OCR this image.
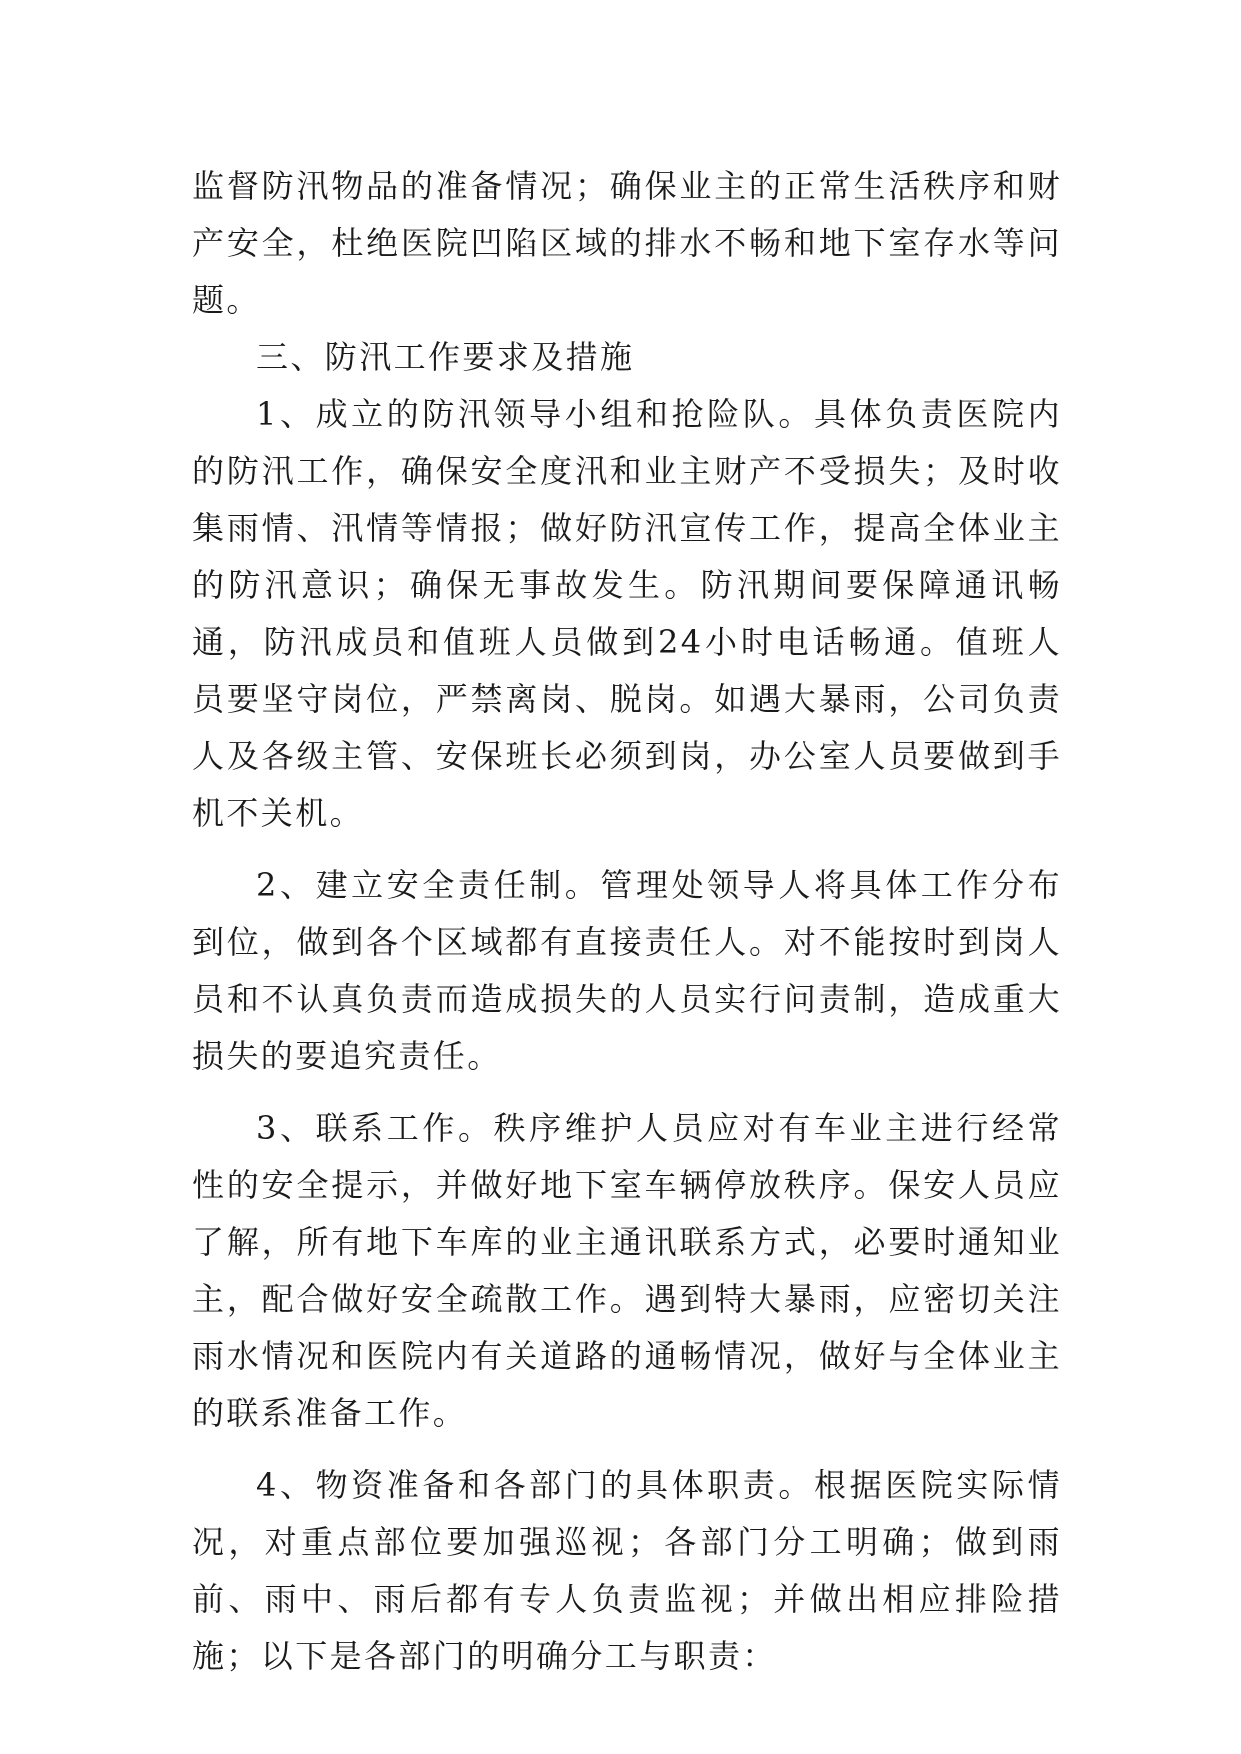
监督防汛物品的准备情况；确保业主的正常生活秩序和财产安全，杜绝医院凹陷区域的排水不畅和地下室存水等问题。

三、防汛工作要求及措施

1、成立的防汛领导小组和抢险队。具体负责医院内的防汛工作，确保安全度汛和业主财产不受损失；及时收集雨情、汛情等情报；做好防汛宣传工作，提高全体业主的防汛意识；确保无事故发生。防汛期间要保障通讯畅通，防汛成员和值班人员做到24小时电话畅通。值班人员要坚守岗位，严禁离岗、脱岗。如遇大暴雨，公司负责人及各级主管、安保班长必须到岗，办公室人员要做到手机不关机。

2、建立安全责任制。管理处领导人将具体工作分布到位，做到各个区域都有直接责任人。对不能按时到岗人员和不认真负责而造成损失的人员实行问责制，造成重大损失的要追究责任。

3、联系工作。秩序维护人员应对有车业主进行经常性的安全提示，并做好地下室车辆停放秩序。保安人员应了解，所有地下车库的业主通讯联系方式，必要时通知业主，配合做好安全疏散工作。遇到特大暴雨，应密切关注雨水情况和医院内有关道路的通畅情况，做好与全体业主的联系准备工作。

4、物资准备和各部门的具体职责。根据医院实际情况，对重点部位要加强巡视；各部门分工明确；做到雨前、雨中、雨后都有专人负责监视；并做出相应排险措施；以下是各部门的明确分工与职责：
